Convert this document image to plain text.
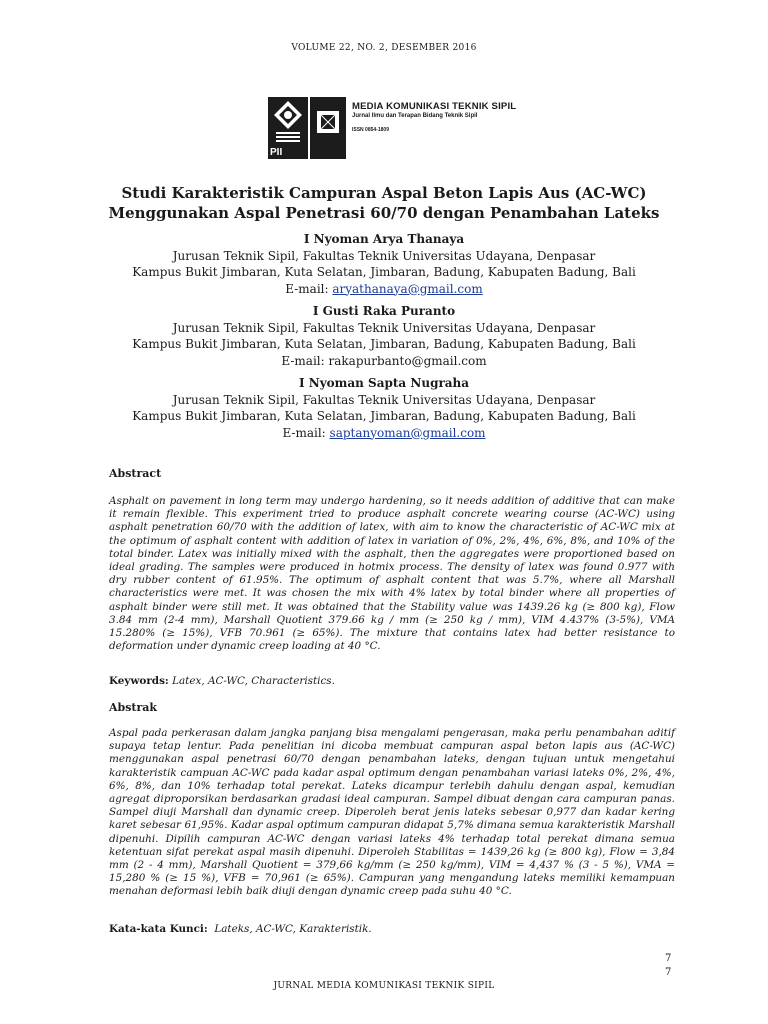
VOLUME 22, NO. 2, DESEMBER 2016
PII	BMPTTSSI
MEDIA KOMUNIKASI TEKNIK SIPIL
Jurnal Ilmu dan Terapan Bidang Teknik Sipil
ISSN 0854-1809
Studi Karakteristik Campuran Aspal Beton Lapis Aus (AC-WC)
Menggunakan Aspal Penetrasi 60/70 dengan Penambahan Lateks
I Nyoman Arya Thanaya
Jurusan Teknik Sipil, Fakultas Teknik Universitas Udayana, Denpasar
Kampus Bukit Jimbaran, Kuta Selatan, Jimbaran, Badung, Kabupaten Badung, Bali
E-mail: aryathanaya@gmail.com
I Gusti Raka Puranto
Jurusan Teknik Sipil, Fakultas Teknik Universitas Udayana, Denpasar
Kampus Bukit Jimbaran, Kuta Selatan, Jimbaran, Badung, Kabupaten Badung, Bali
E-mail: rakapurbanto@gmail.com
I Nyoman Sapta Nugraha
Jurusan Teknik Sipil, Fakultas Teknik Universitas Udayana, Denpasar
Kampus Bukit Jimbaran, Kuta Selatan, Jimbaran, Badung, Kabupaten Badung, Bali
E-mail: saptanyoman@gmail.com
Abstract
Asphalt on pavement in long term may undergo hardening, so it needs addition of additive that can make it remain flexible. This experiment tried to produce asphalt concrete wearing course (AC-WC) using asphalt penetration 60/70 with the addition of latex, with aim to know the characteristic of AC-WC mix at the optimum of asphalt content with addition of latex in variation of 0%, 2%, 4%, 6%, 8%, and 10% of the total binder. Latex was initially mixed with the asphalt, then the aggregates were proportioned based on ideal grading. The samples were produced in hotmix process. The density of latex was found 0.977 with dry rubber content of 61.95%. The optimum of asphalt content that was 5.7%, where all Marshall characteristics were met. It was chosen the mix with 4% latex by total binder where all properties of asphalt binder were still met. It was obtained that the Stability value was 1439.26 kg (≥ 800 kg), Flow 3.84 mm (2-4 mm), Marshall Quotient 379.66 kg / mm (≥ 250 kg / mm), VIM 4.437% (3-5%), VMA 15.280% (≥ 15%), VFB 70.961 (≥ 65%). The mixture that contains latex had better resistance to deformation under dynamic creep loading at 40 °C.
Keywords: Latex, AC-WC, Characteristics.
Abstrak
Aspal pada perkerasan dalam jangka panjang bisa mengalami pengerasan, maka perlu penambahan aditif supaya tetap lentur. Pada penelitian ini dicoba membuat campuran aspal beton lapis aus (AC-WC) menggunakan aspal penetrasi 60/70 dengan penambahan lateks, dengan tujuan untuk mengetahui karakteristik campuan AC-WC pada kadar aspal optimum dengan penambahan variasi lateks 0%, 2%, 4%, 6%, 8%, dan 10% terhadap total perekat. Lateks dicampur terlebih dahulu dengan aspal, kemudian agregat diproporsikan berdasarkan gradasi ideal campuran. Sampel dibuat dengan cara campuran panas. Sampel diuji Marshall dan dynamic creep. Diperoleh berat jenis lateks sebesar 0,977 dan kadar kering karet sebesar 61,95%. Kadar aspal optimum campuran didapat 5,7% dimana semua karakteristik Marshall dipenuhi. Dipilih campuran AC-WC dengan variasi lateks 4% terhadap total perekat dimana semua ketentuan sifat perekat aspal masih dipenuhi. Diperoleh Stabilitas = 1439,26 kg (≥ 800 kg), Flow = 3,84 mm (2 - 4 mm), Marshall Quotient = 379,66 kg/mm (≥ 250 kg/mm), VIM = 4,437 % (3 - 5 %), VMA = 15,280 % (≥ 15 %), VFB = 70,961 (≥ 65%). Campuran yang mengandung lateks memiliki kemampuan menahan deformasi lebih baik diuji dengan dynamic creep pada suhu 40 °C.
Kata-kata Kunci: Lateks, AC-WC, Karakteristik.
7
7
JURNAL MEDIA KOMUNIKASI TEKNIK SIPIL
